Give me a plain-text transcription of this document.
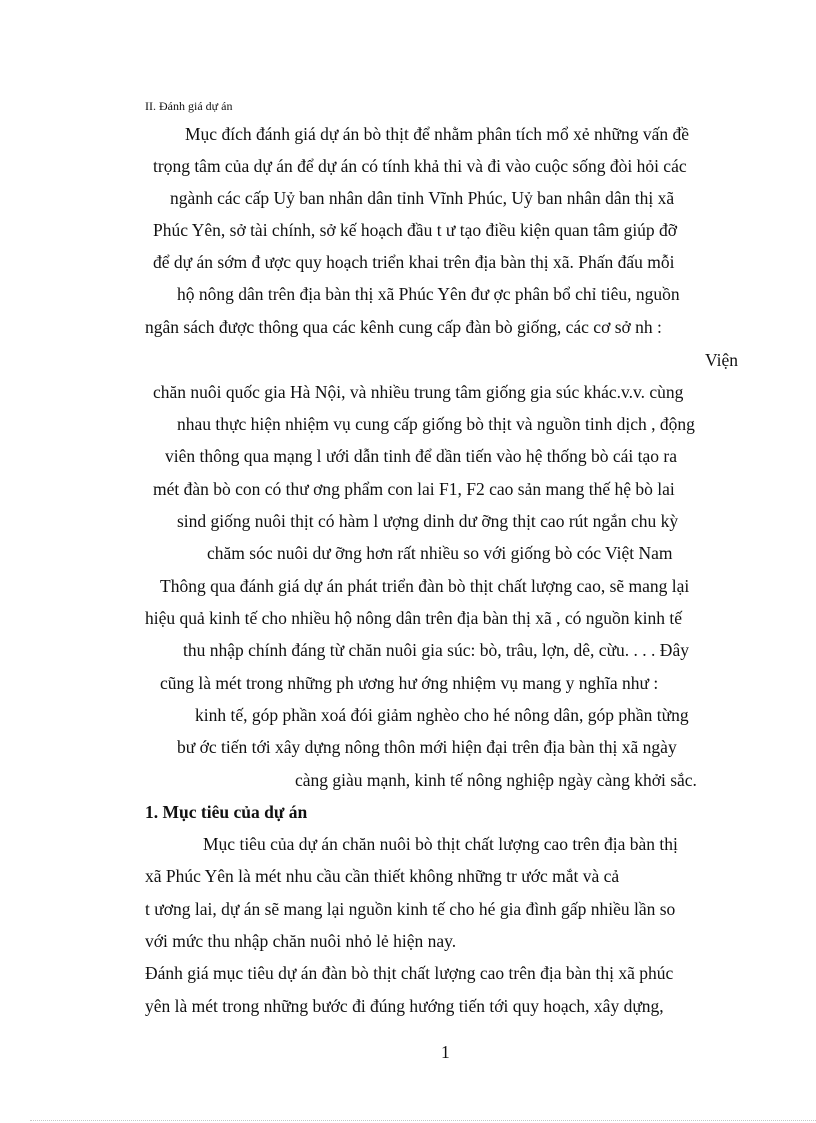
II. Đánh giá dự án
Mục đích đánh giá dự án bò thịt để nhằm phân tích mổ xẻ những vấn đề
trọng tâm của dự án để dự án có tính khả thi và đi vào cuộc sống đòi hỏi các
ngành các cấp Uỷ ban nhân dân tỉnh Vĩnh Phúc, Uỷ ban nhân dân thị xã
Phúc Yên, sở tài chính, sở kế hoạch đầu t ư tạo điều kiện quan tâm giúp đỡ
để dự án sớm đ ược quy hoạch triển khai trên địa bàn thị xã. Phấn đấu mỗi
hộ nông dân trên địa bàn thị xã Phúc Yên đư ợc phân bổ chỉ tiêu, nguồn
ngân sách được thông qua các kênh cung cấp đàn bò giống, các cơ sở nh :
Viện
chăn nuôi quốc gia Hà Nội, và nhiều trung tâm giống gia súc khác.v.v. cùng
nhau thực hiện nhiệm vụ cung cấp giống bò thịt và nguồn tinh dịch , động
viên thông qua mạng l ưới dẫn tinh để dần tiến vào hệ thống bò cái tạo ra
mét đàn bò con có thư ơng phẩm con lai F1, F2 cao sản mang thế hệ bò lai
sind giống nuôi thịt có hàm l ượng dinh dư ỡng thịt cao rút ngắn chu kỳ
chăm sóc nuôi dư ỡng hơn rất nhiều so với giống bò cóc Việt Nam
Thông qua đánh giá dự án phát triển đàn bò thịt chất lượng cao, sẽ mang lại
hiệu quả kinh tế cho nhiều hộ nông dân trên địa bàn thị xã , có nguồn kinh tế
thu nhập chính đáng từ chăn nuôi gia súc: bò, trâu, lợn, dê, cừu. . . . Đây
cũng là mét trong những ph ương hư ớng nhiệm vụ mang y nghĩa như :
kinh tế, góp phần xoá đói giảm nghèo cho hé nông dân, góp phần từng
bư ớc tiến tới xây dựng nông thôn mới hiện đại trên địa bàn thị xã ngày
càng giàu mạnh, kinh tế nông nghiệp ngày càng khởi sắc.
1. Mục tiêu của dự án
Mục tiêu của dự án chăn nuôi bò thịt chất lượng cao trên địa bàn thị
xã Phúc Yên là mét nhu cầu cần thiết không những tr ước mắt và cả
t ương lai, dự án sẽ mang lại nguồn kinh tế cho hé gia đình gấp nhiều lần so
với mức thu nhập chăn nuôi nhỏ lẻ hiện nay.
Đánh giá mục tiêu dự án đàn bò thịt chất lượng cao trên địa bàn thị xã phúc
yên là mét trong những bước đi đúng hướng tiến tới quy hoạch, xây dựng,
1
